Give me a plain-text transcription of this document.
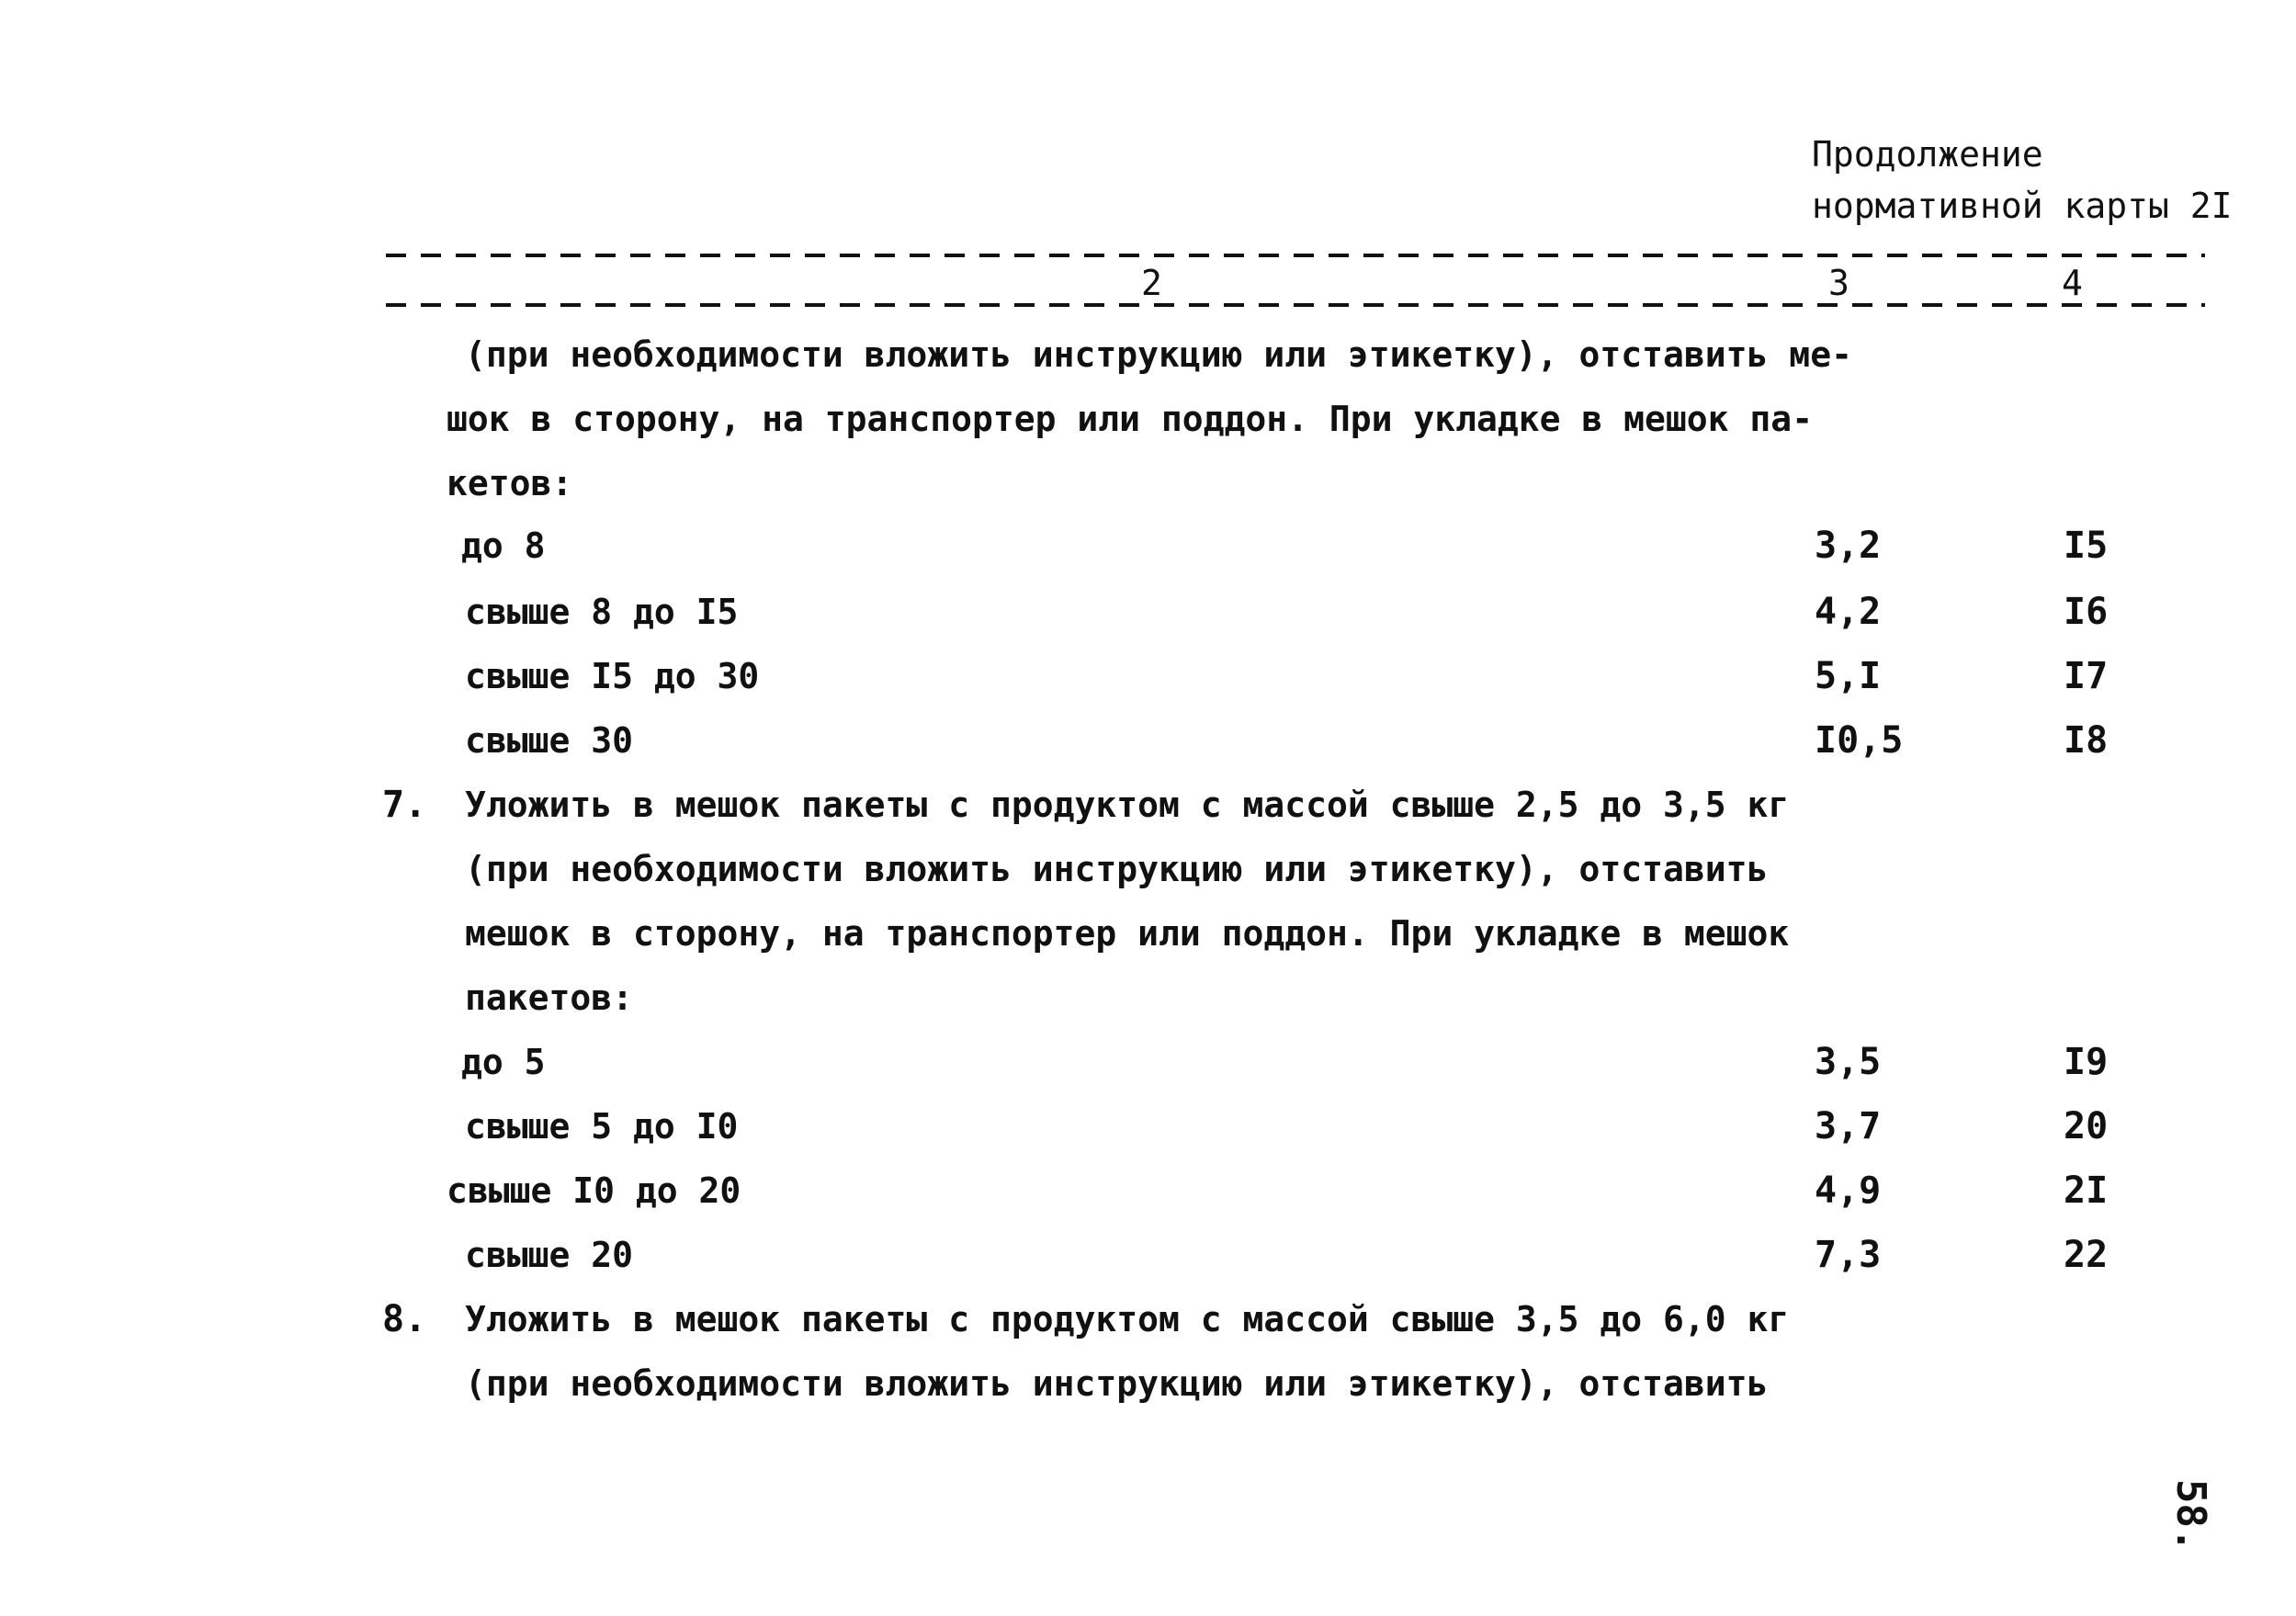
Продолжение
нормативной карты 2I
2	3	4
(при необходимости вложить инструкцию или этикетку), отставить ме-
шок в сторону, на транспортер или поддон. При укладке в мешок па-
кетов:
до 8	3,2	I5
свыше 8 до I5	4,2	I6
свыше I5 до 30	5,I	I7
свыше 30	I0,5	I8
7. Уложить в мешок пакеты с продуктом с массой свыше 2,5 до 3,5 кг
(при необходимости вложить инструкцию или этикетку), отставить
мешок в сторону, на транспортер или поддон. При укладке в мешок
пакетов:
до 5	3,5	I9
свыше 5 до I0	3,7	20
свыше I0 до 20	4,9	2I
свыше 20	7,3	22
8. Уложить в мешок пакеты с продуктом с массой свыше 3,5 до 6,0 кг
(при необходимости вложить инструкцию или этикетку), отставить
58.
